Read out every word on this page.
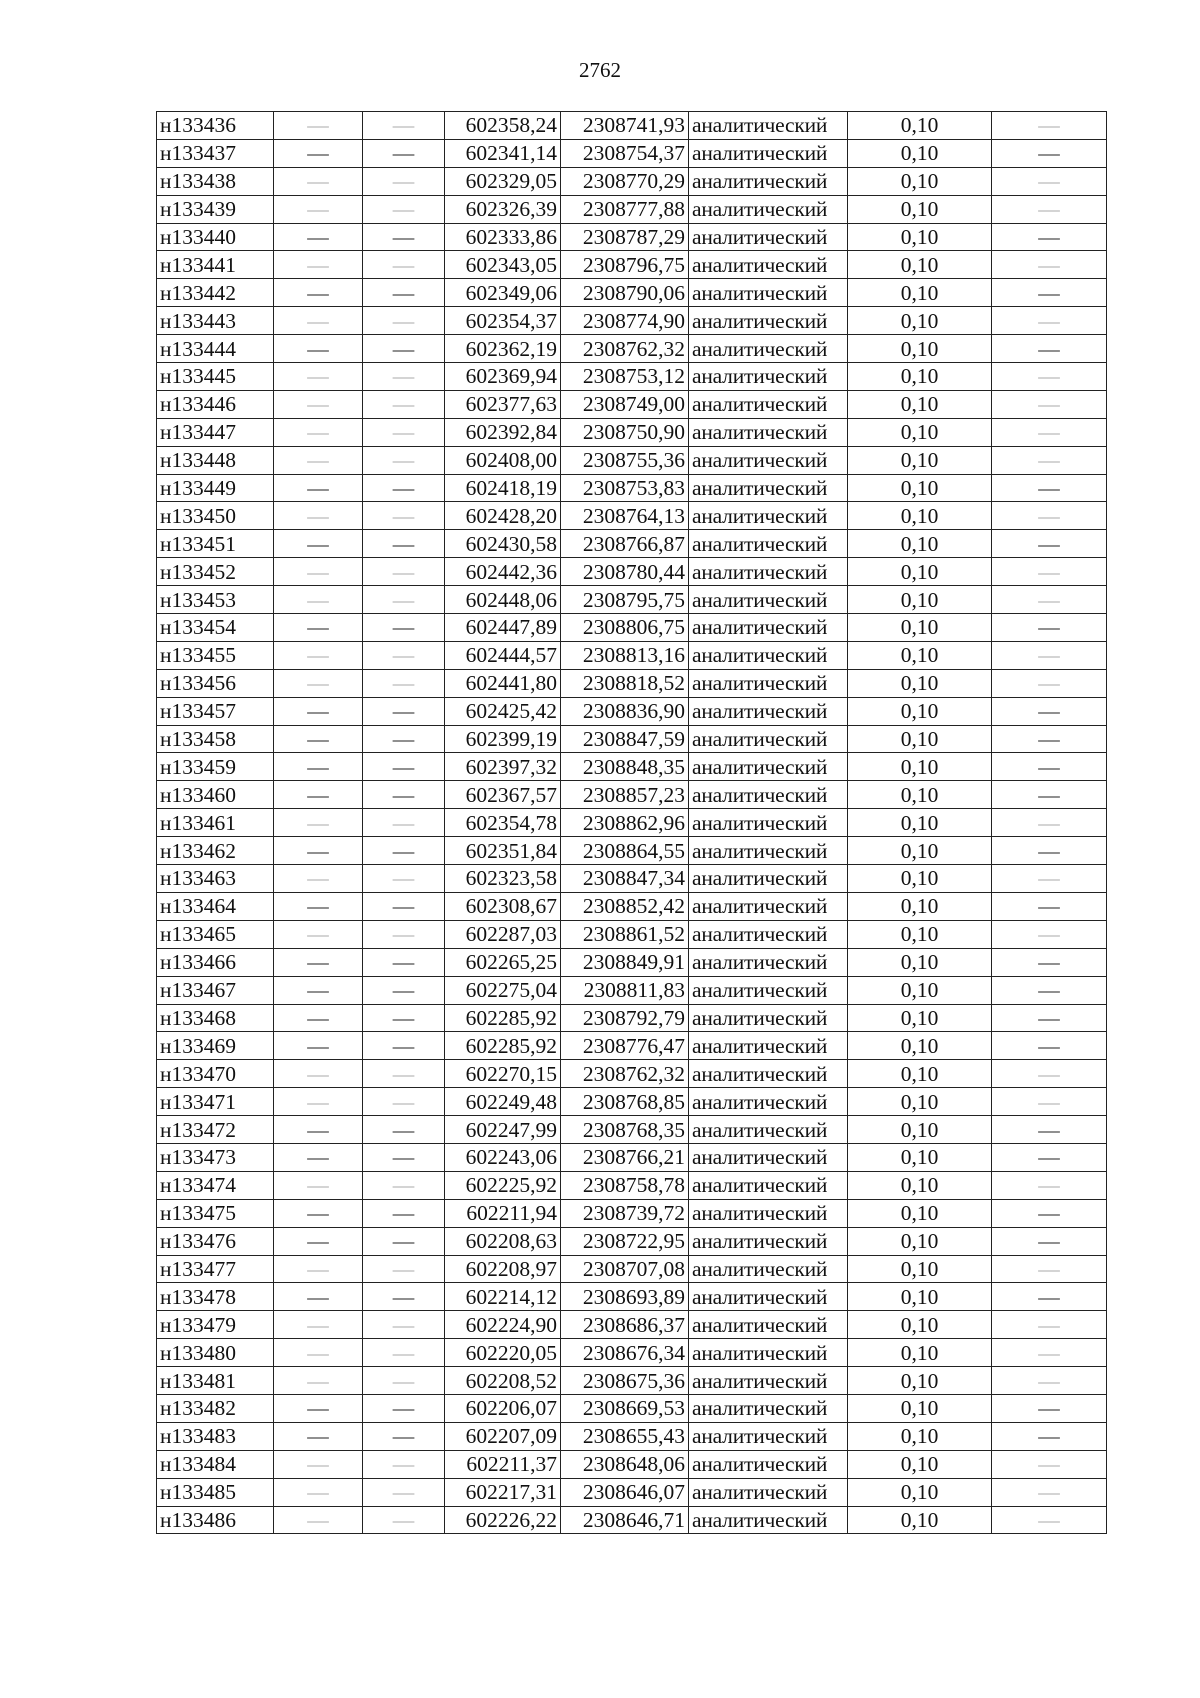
2762
н133436	—	—	602358,24	2308741,93	аналитический	0,10	—
н133437	—	—	602341,14	2308754,37	аналитический	0,10	—
н133438	—	—	602329,05	2308770,29	аналитический	0,10	—
н133439	—	—	602326,39	2308777,88	аналитический	0,10	—
н133440	—	—	602333,86	2308787,29	аналитический	0,10	—
н133441	—	—	602343,05	2308796,75	аналитический	0,10	—
н133442	—	—	602349,06	2308790,06	аналитический	0,10	—
н133443	—	—	602354,37	2308774,90	аналитический	0,10	—
н133444	—	—	602362,19	2308762,32	аналитический	0,10	—
н133445	—	—	602369,94	2308753,12	аналитический	0,10	—
н133446	—	—	602377,63	2308749,00	аналитический	0,10	—
н133447	—	—	602392,84	2308750,90	аналитический	0,10	—
н133448	—	—	602408,00	2308755,36	аналитический	0,10	—
н133449	—	—	602418,19	2308753,83	аналитический	0,10	—
н133450	—	—	602428,20	2308764,13	аналитический	0,10	—
н133451	—	—	602430,58	2308766,87	аналитический	0,10	—
н133452	—	—	602442,36	2308780,44	аналитический	0,10	—
н133453	—	—	602448,06	2308795,75	аналитический	0,10	—
н133454	—	—	602447,89	2308806,75	аналитический	0,10	—
н133455	—	—	602444,57	2308813,16	аналитический	0,10	—
н133456	—	—	602441,80	2308818,52	аналитический	0,10	—
н133457	—	—	602425,42	2308836,90	аналитический	0,10	—
н133458	—	—	602399,19	2308847,59	аналитический	0,10	—
н133459	—	—	602397,32	2308848,35	аналитический	0,10	—
н133460	—	—	602367,57	2308857,23	аналитический	0,10	—
н133461	—	—	602354,78	2308862,96	аналитический	0,10	—
н133462	—	—	602351,84	2308864,55	аналитический	0,10	—
н133463	—	—	602323,58	2308847,34	аналитический	0,10	—
н133464	—	—	602308,67	2308852,42	аналитический	0,10	—
н133465	—	—	602287,03	2308861,52	аналитический	0,10	—
н133466	—	—	602265,25	2308849,91	аналитический	0,10	—
н133467	—	—	602275,04	2308811,83	аналитический	0,10	—
н133468	—	—	602285,92	2308792,79	аналитический	0,10	—
н133469	—	—	602285,92	2308776,47	аналитический	0,10	—
н133470	—	—	602270,15	2308762,32	аналитический	0,10	—
н133471	—	—	602249,48	2308768,85	аналитический	0,10	—
н133472	—	—	602247,99	2308768,35	аналитический	0,10	—
н133473	—	—	602243,06	2308766,21	аналитический	0,10	—
н133474	—	—	602225,92	2308758,78	аналитический	0,10	—
н133475	—	—	602211,94	2308739,72	аналитический	0,10	—
н133476	—	—	602208,63	2308722,95	аналитический	0,10	—
н133477	—	—	602208,97	2308707,08	аналитический	0,10	—
н133478	—	—	602214,12	2308693,89	аналитический	0,10	—
н133479	—	—	602224,90	2308686,37	аналитический	0,10	—
н133480	—	—	602220,05	2308676,34	аналитический	0,10	—
н133481	—	—	602208,52	2308675,36	аналитический	0,10	—
н133482	—	—	602206,07	2308669,53	аналитический	0,10	—
н133483	—	—	602207,09	2308655,43	аналитический	0,10	—
н133484	—	—	602211,37	2308648,06	аналитический	0,10	—
н133485	—	—	602217,31	2308646,07	аналитический	0,10	—
н133486	—	—	602226,22	2308646,71	аналитический	0,10	—
